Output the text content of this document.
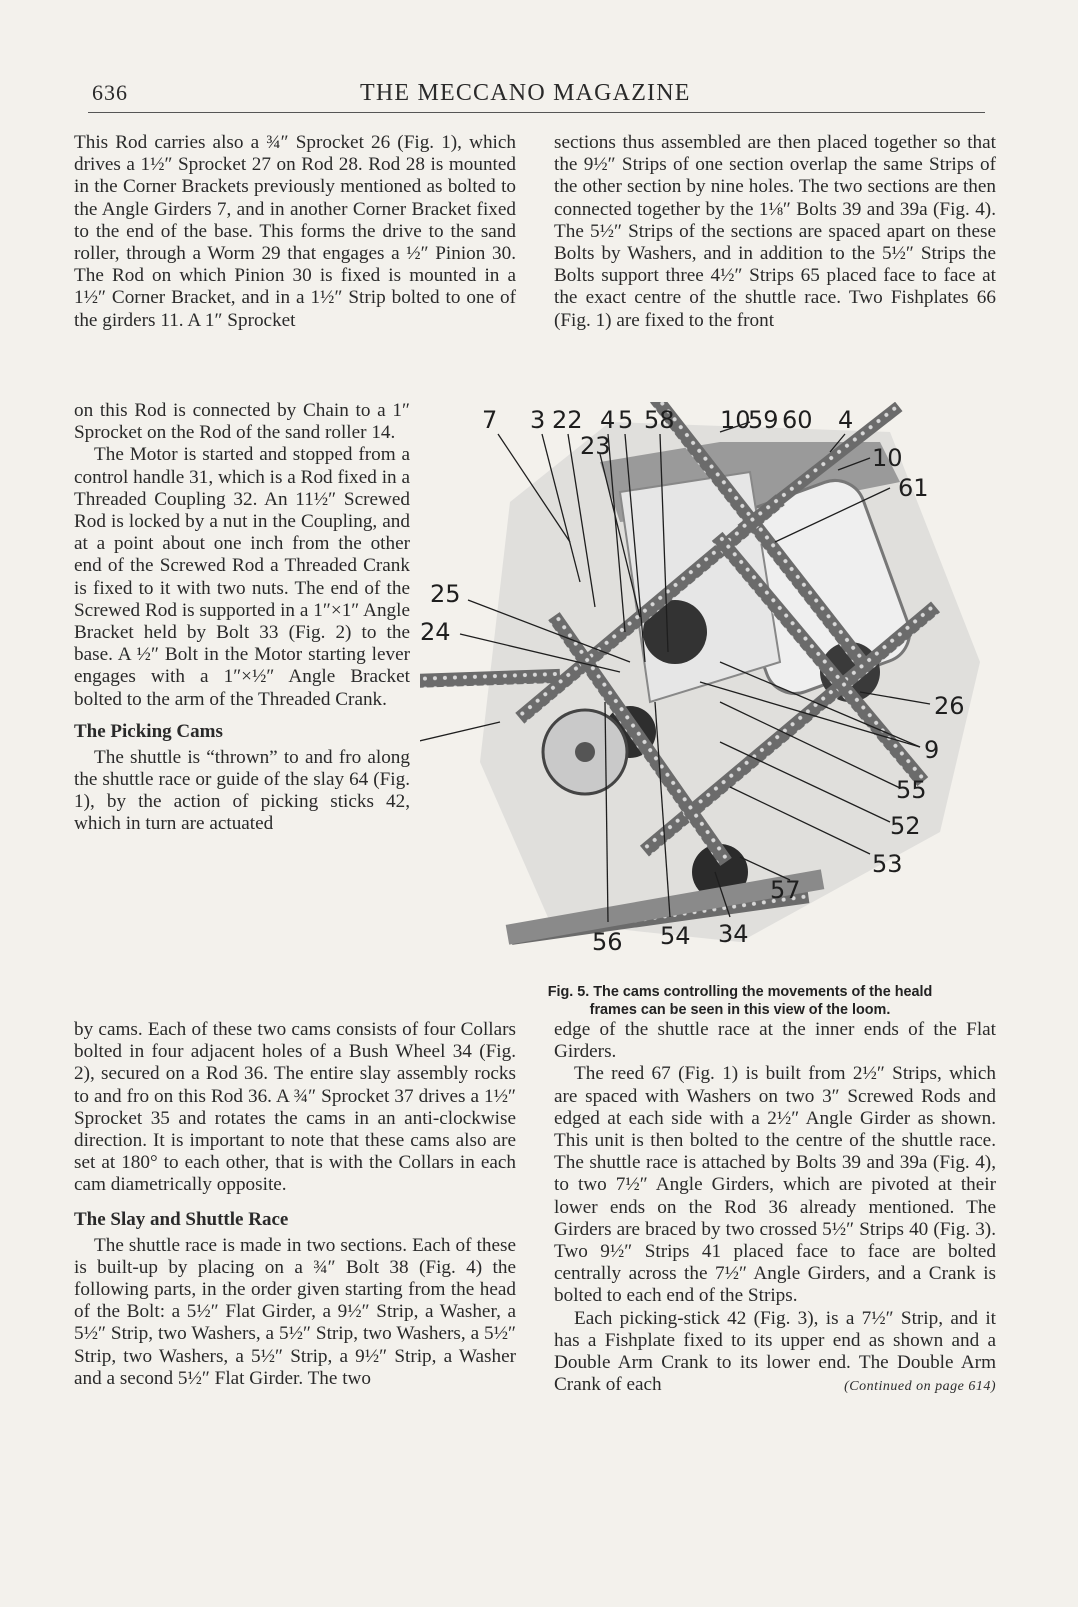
636	THE MECCANO MAGAZINE

This Rod carries also a ¾″ Sprocket 26 (Fig. 1), which drives a 1½″ Sprocket 27 on Rod 28. Rod 28 is mounted in the Corner Brackets previously mentioned as bolted to the Angle Girders 7, and in another Corner Bracket fixed to the end of the base. This forms the drive to the sand roller, through a Worm 29 that engages a ½″ Pinion 30. The Rod on which Pinion 30 is fixed is mounted in a 1½″ Corner Bracket, and in a 1½″ Strip bolted to one of the girders 11. A 1″ Sprocket

on this Rod is connected by Chain to a 1″ Sprocket on the Rod of the sand roller 14.

The Motor is started and stopped from a control handle 31, which is a Rod fixed in a Threaded Coupling 32. An 11½″ Screwed Rod is locked by a nut in the Coupling, and at a point about one inch from the other end of the Screwed Rod a Threaded Crank is fixed to it with two nuts. The end of the Screwed Rod is supported in a 1″×1″ Angle Bracket held by Bolt 33 (Fig. 2) to the base. A ½″ Bolt in the Motor starting lever engages with a 1″×½″ Angle Bracket bolted to the arm of the Threaded Crank.

The Picking Cams

The shuttle is “thrown” to and fro along the shuttle race or guide of the slay 64 (Fig. 1), by the action of picking sticks 42, which in turn are actuated

by cams. Each of these two cams consists of four Collars bolted in four adjacent holes of a Bush Wheel 34 (Fig. 2), secured on a Rod 36. The entire slay assembly rocks to and fro on this Rod 36. A ¾″ Sprocket 37 drives a 1½″ Sprocket 35 and rotates the cams in an anti-clockwise direction. It is important to note that these cams also are set at 180° to each other, that is with the Collars in each cam diametrically opposite.

The Slay and Shuttle Race

The shuttle race is made in two sections. Each of these is built-up by placing on a ¾″ Bolt 38 (Fig. 4) the following parts, in the order given starting from the head of the Bolt: a 5½″ Flat Girder, a 9½″ Strip, a Washer, a 5½″ Strip, two Washers, a 5½″ Strip, two Washers, a 5½″ Strip, two Washers, a 5½″ Strip, a 9½″ Strip, a Washer and a second 5½″ Flat Girder. The two

sections thus assembled are then placed together so that the 9½″ Strips of one section overlap the same Strips of the other section by nine holes. The two sections are then connected together by the 1⅛″ Bolts 39 and 39a (Fig. 4). The 5½″ Strips of the sections are spaced apart on these Bolts by Washers, and in addition to the 5½″ Strips the Bolts support three 4½″ Strips 65 placed face to face at the exact centre of the shuttle race. Two Fishplates 66 (Fig. 1) are fixed to the front

edge of the shuttle race at the inner ends of the Flat Girders.

The reed 67 (Fig. 1) is built from 2½″ Strips, which are spaced with Washers on two 3″ Screwed Rods and edged at each side with a 2½″ Angle Girder as shown. This unit is then bolted to the centre of the shuttle race. The shuttle race is attached by Bolts 39 and 39a (Fig. 4), to two 7½″ Angle Girders, which are pivoted at their lower ends on the Rod 36 already mentioned. The Girders are braced by two crossed 5½″ Strips 40 (Fig. 3). Two 9½″ Strips 41 placed face to face are bolted centrally across the 7½″ Angle Girders, and a Crank is bolted to each end of the Strips.

Each picking-stick 42 (Fig. 3), is a 7½″ Strip, and it has a Fishplate fixed to its upper end as shown and a Double Arm Crank to its lower end. The Double Arm Crank of each	(Continued on page 614)
7 3 22 4 5 58 10
59 60 4
23	10
61
25
24
26
9
55
52
53
57
56 54 34
Fig. 5. The cams controlling the movements of the heald
frames can be seen in this view of the loom.
